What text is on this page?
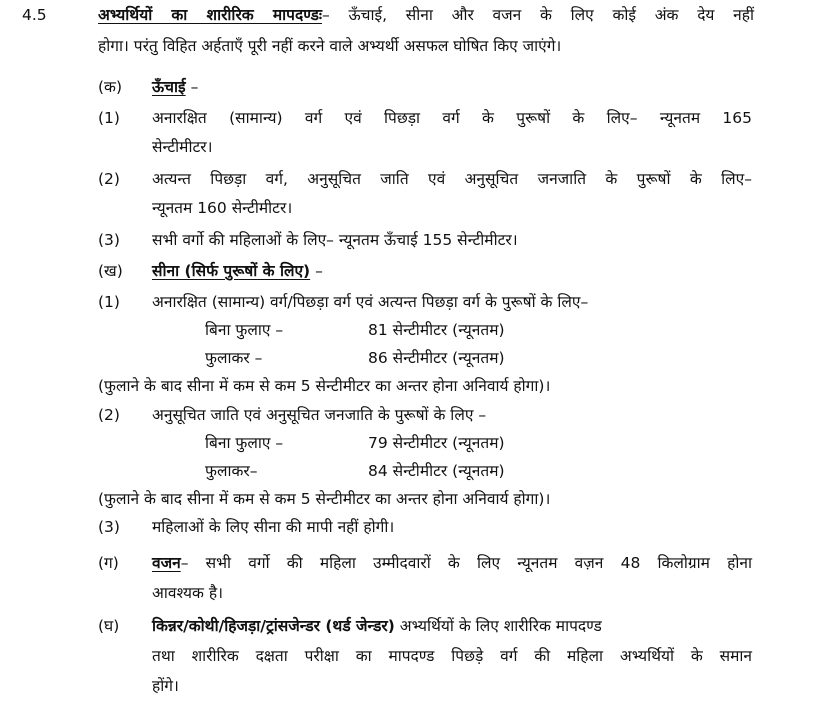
4.5	अभ्यर्थियों का शारीरिक मापदण्डः– ऊँचाई, सीना और वजन के लिए कोई अंक देय नहीं
होगा। परंतु विहित अर्हताएँ पूरी नहीं करने वाले अभ्यर्थी असफल घोषित किए जाएंगे।
(क) ऊँचाई –
(1) अनारक्षित (सामान्य) वर्ग एवं पिछड़ा वर्ग के पुरूषों के लिए– न्यूनतम 165
सेन्टीमीटर।
(2) अत्यन्त पिछड़ा वर्ग, अनुसूचित जाति एवं अनुसूचित जनजाति के पुरूषों के लिए–
न्यूनतम 160 सेन्टीमीटर।
(3) सभी वर्गो की महिलाओं के लिए– न्यूनतम ऊँचाई 155 सेन्टीमीटर।
(ख) सीना (सिर्फ पुरूषों के लिए) –
(1) अनारक्षित (सामान्य) वर्ग/पिछड़ा वर्ग एवं अत्यन्त पिछड़ा वर्ग के पुरूषों के लिए–
बिना फुलाए –	81 सेन्टीमीटर (न्यूनतम)
फुलाकर –	86 सेन्टीमीटर (न्यूनतम)
(फुलाने के बाद सीना में कम से कम 5 सेन्टीमीटर का अन्तर होना अनिवार्य होगा)।
(2) अनुसूचित जाति एवं अनुसूचित जनजाति के पुरूषों के लिए –
बिना फुलाए –	79 सेन्टीमीटर (न्यूनतम)
फुलाकर–	84 सेन्टीमीटर (न्यूनतम)
(फुलाने के बाद सीना में कम से कम 5 सेन्टीमीटर का अन्तर होना अनिवार्य होगा)।
(3) महिलाओं के लिए सीना की मापी नहीं होगी।
(ग) वजन– सभी वर्गो की महिला उम्मीदवारों के लिए न्यूनतम वज़न 48 किलोग्राम होना
आवश्यक है।
(घ) किन्नर/कोथी/हिजड़ा/ट्रांसजेन्डर (थर्ड जेन्डर) अभ्यर्थियों के लिए शारीरिक मापदण्ड
तथा शारीरिक दक्षता परीक्षा का मापदण्ड पिछड़े वर्ग की महिला अभ्यर्थियों के समान
होंगे।
